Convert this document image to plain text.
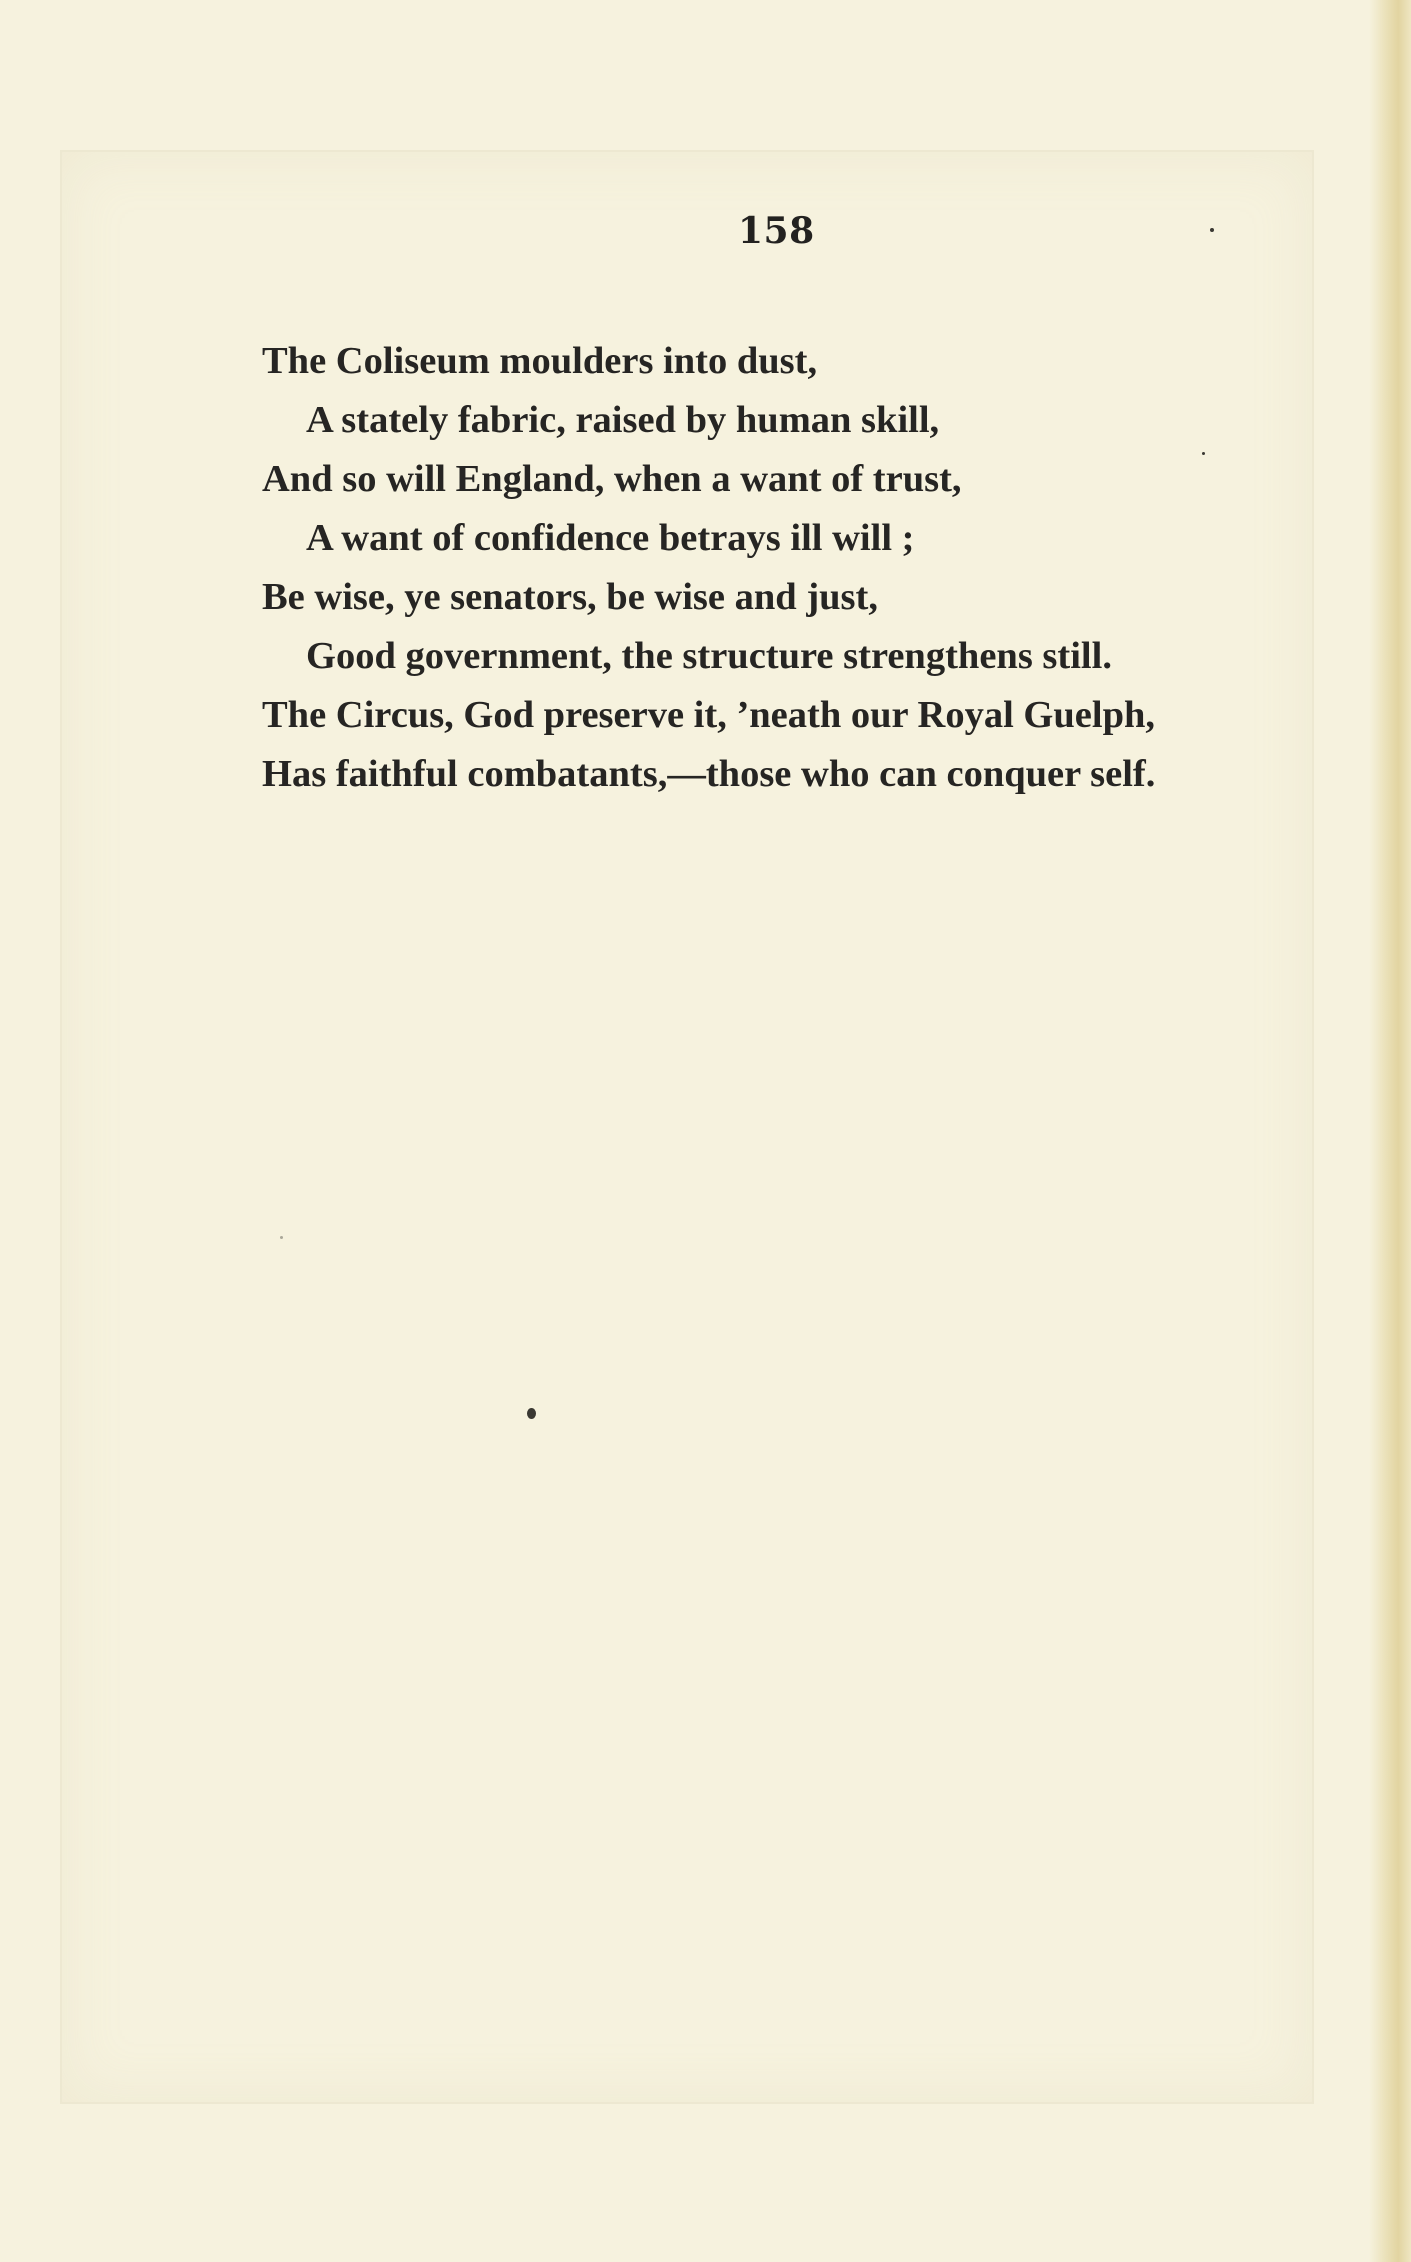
158
The Coliseum moulders into dust,
A stately fabric, raised by human skill,
And so will England, when a want of trust,
A want of confidence betrays ill will ;
Be wise, ye senators, be wise and just,
Good government, the structure strengthens still.
The Circus, God preserve it, ’neath our Royal Guelph,
Has faithful combatants,—those who can conquer self.
